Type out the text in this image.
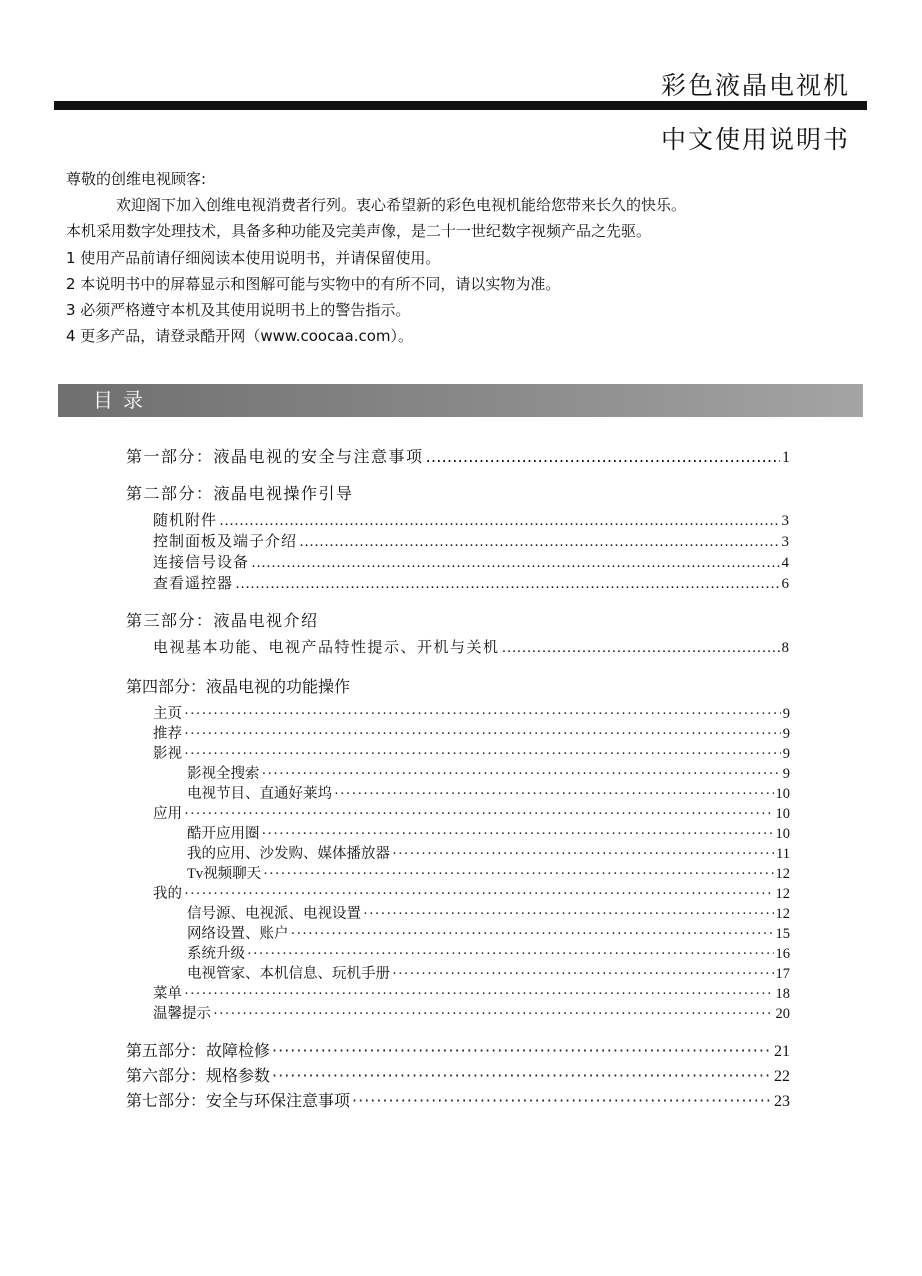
彩色液晶电视机
中文使用说明书
尊敬的创维电视顾客:
欢迎阁下加入创维电视消费者行列。衷心希望新的彩色电视机能给您带来长久的快乐。
本机采用数字处理技术，具备多种功能及完美声像，是二十一世纪数字视频产品之先驱。
1 使用产品前请仔细阅读本使用说明书，并请保留使用。
2 本说明书中的屏幕显示和图解可能与实物中的有所不同，请以实物为准。
3 必须严格遵守本机及其使用说明书上的警告指示。
4 更多产品，请登录酷开网（www.coocaa.com）。
目录
第一部分：液晶电视的安全与注意事项 ……………………………………………………………………………………………………………………	1
第二部分：液晶电视操作引导
随机附件 ……………………………………………………………………………………………………………………	3
控制面板及端子介绍 ……………………………………………………………………………………………………………………	3
连接信号设备 ……………………………………………………………………………………………………………………	4
查看遥控器 ……………………………………………………………………………………………………………………	6
第三部分：液晶电视介绍
电视基本功能、电视产品特性提示、开机与关机 ……………………………………………………………………………………………………………………	8
第四部分：液晶电视的功能操作
主页 ·····	9
推荐 ·····	9
影视 ·····	9
影视全搜索 ·····	9
电视节目、直通好莱坞 ·····	10
应用 ·····	10
酷开应用圈 ·····	10
我的应用、沙发购、媒体播放器 ·····	11
Tv视频聊天 ·····	12
我的 ·····	12
信号源、电视派、电视设置 ·····	12
网络设置、账户 ·····	15
系统升级 ·····	16
电视管家、本机信息、玩机手册 ·····	17
菜单 ·····	18
温馨提示 ·····	20
第五部分：故障检修 ·····	21
第六部分：规格参数 ·····	22
第七部分：安全与环保注意事项 ·····	23
